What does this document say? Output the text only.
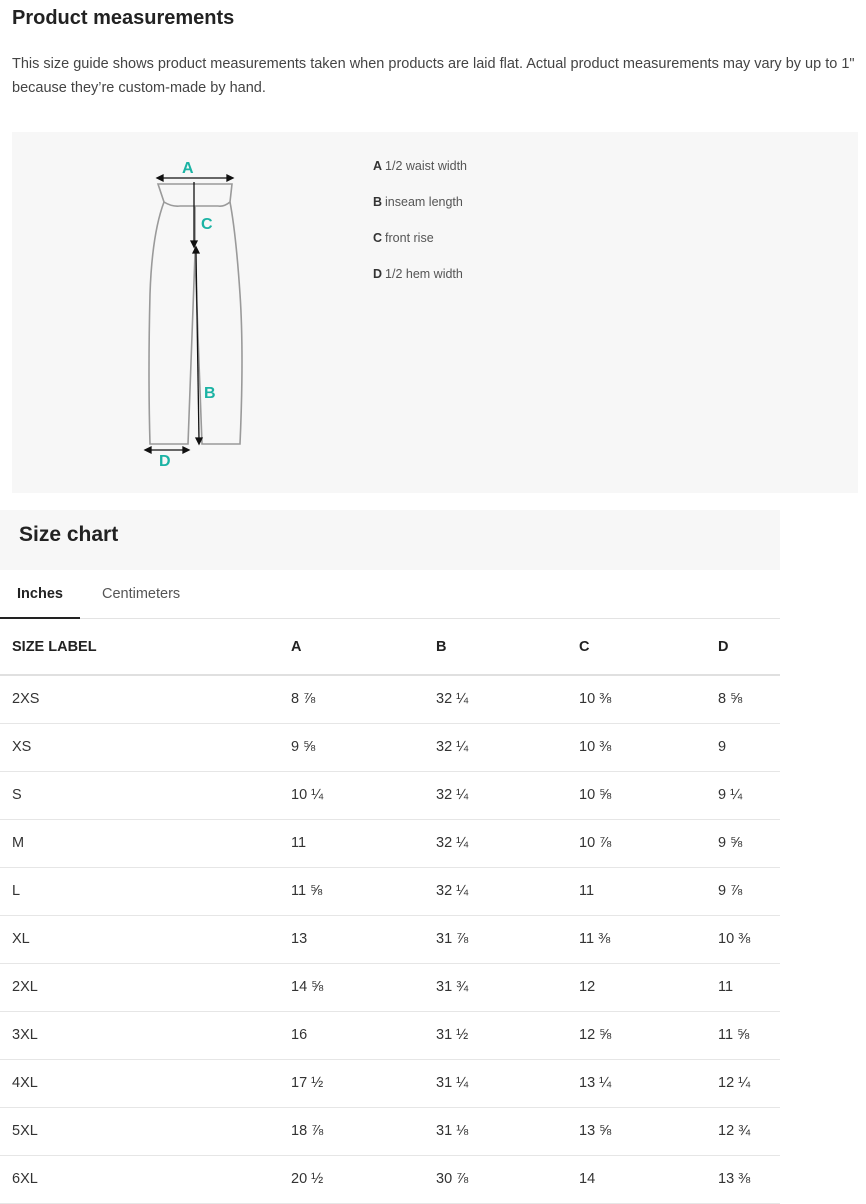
Product measurements

This size guide shows product measurements taken when products are laid flat. Actual product measurements may vary by up to 1" because they’re custom-made by hand.

A
C
B
D
A 1/2 waist width
B inseam length
C front rise
D 1/2 hem width
Size chart
Inches	Centimeters
SIZE LABEL	A	B	C	D
2XS	8 ⅞	32 ¼	10 ⅜	8 ⅝
XS	9 ⅝	32 ¼	10 ⅜	9
S	10 ¼	32 ¼	10 ⅝	9 ¼
M	11	32 ¼	10 ⅞	9 ⅝
L	11 ⅝	32 ¼	11	9 ⅞
XL	13	31 ⅞	11 ⅜	10 ⅜
2XL	14 ⅝	31 ¾	12	11
3XL	16	31 ½	12 ⅝	11 ⅝
4XL	17 ½	31 ¼	13 ¼	12 ¼
5XL	18 ⅞	31 ⅛	13 ⅝	12 ¾
6XL	20 ½	30 ⅞	14	13 ⅜
